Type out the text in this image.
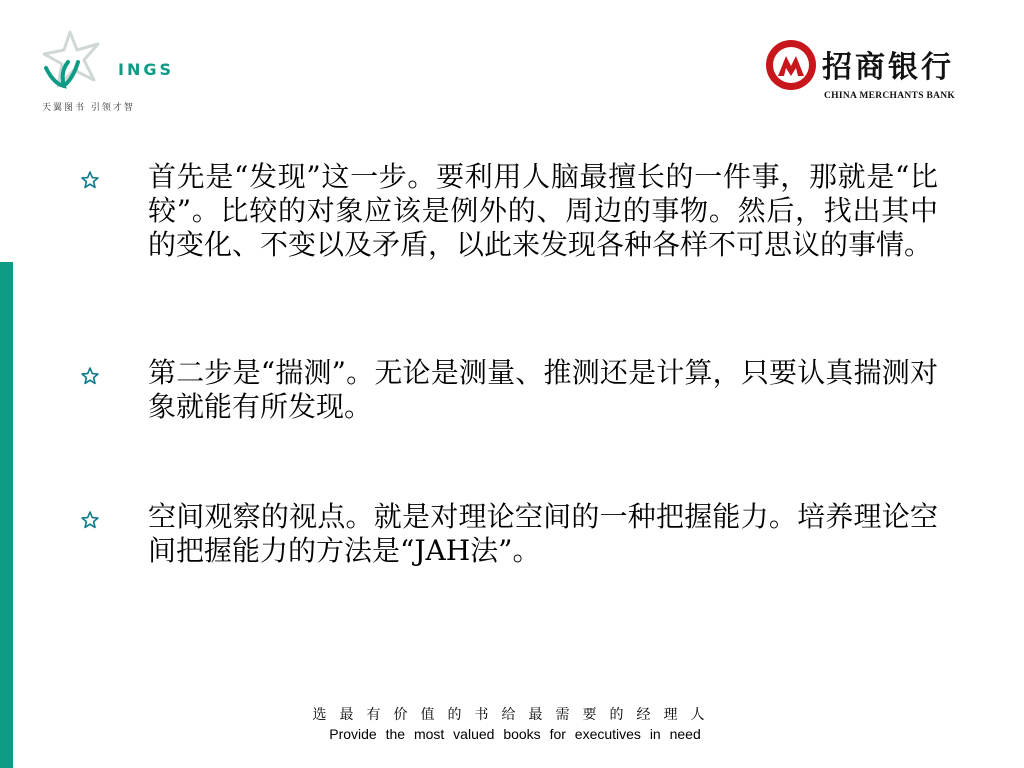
INGS
天翼图书 引领才智
招商银行
CHINA MERCHANTS BANK
首先是“发现”这一步。要利用人脑最擅长的一件事，那就是“比较”。比较的对象应该是例外的、周边的事物。然后，找出其中的变化、不变以及矛盾，以此来发现各种各样不可思议的事情。
第二步是“揣测”。无论是测量、推测还是计算，只要认真揣测对象就能有所发现。
空间观察的视点。就是对理论空间的一种把握能力。培养理论空间把握能力的方法是“JAH法”。
选最有价值的书给最需要的经理人
Provide the most valued books for executives in need
